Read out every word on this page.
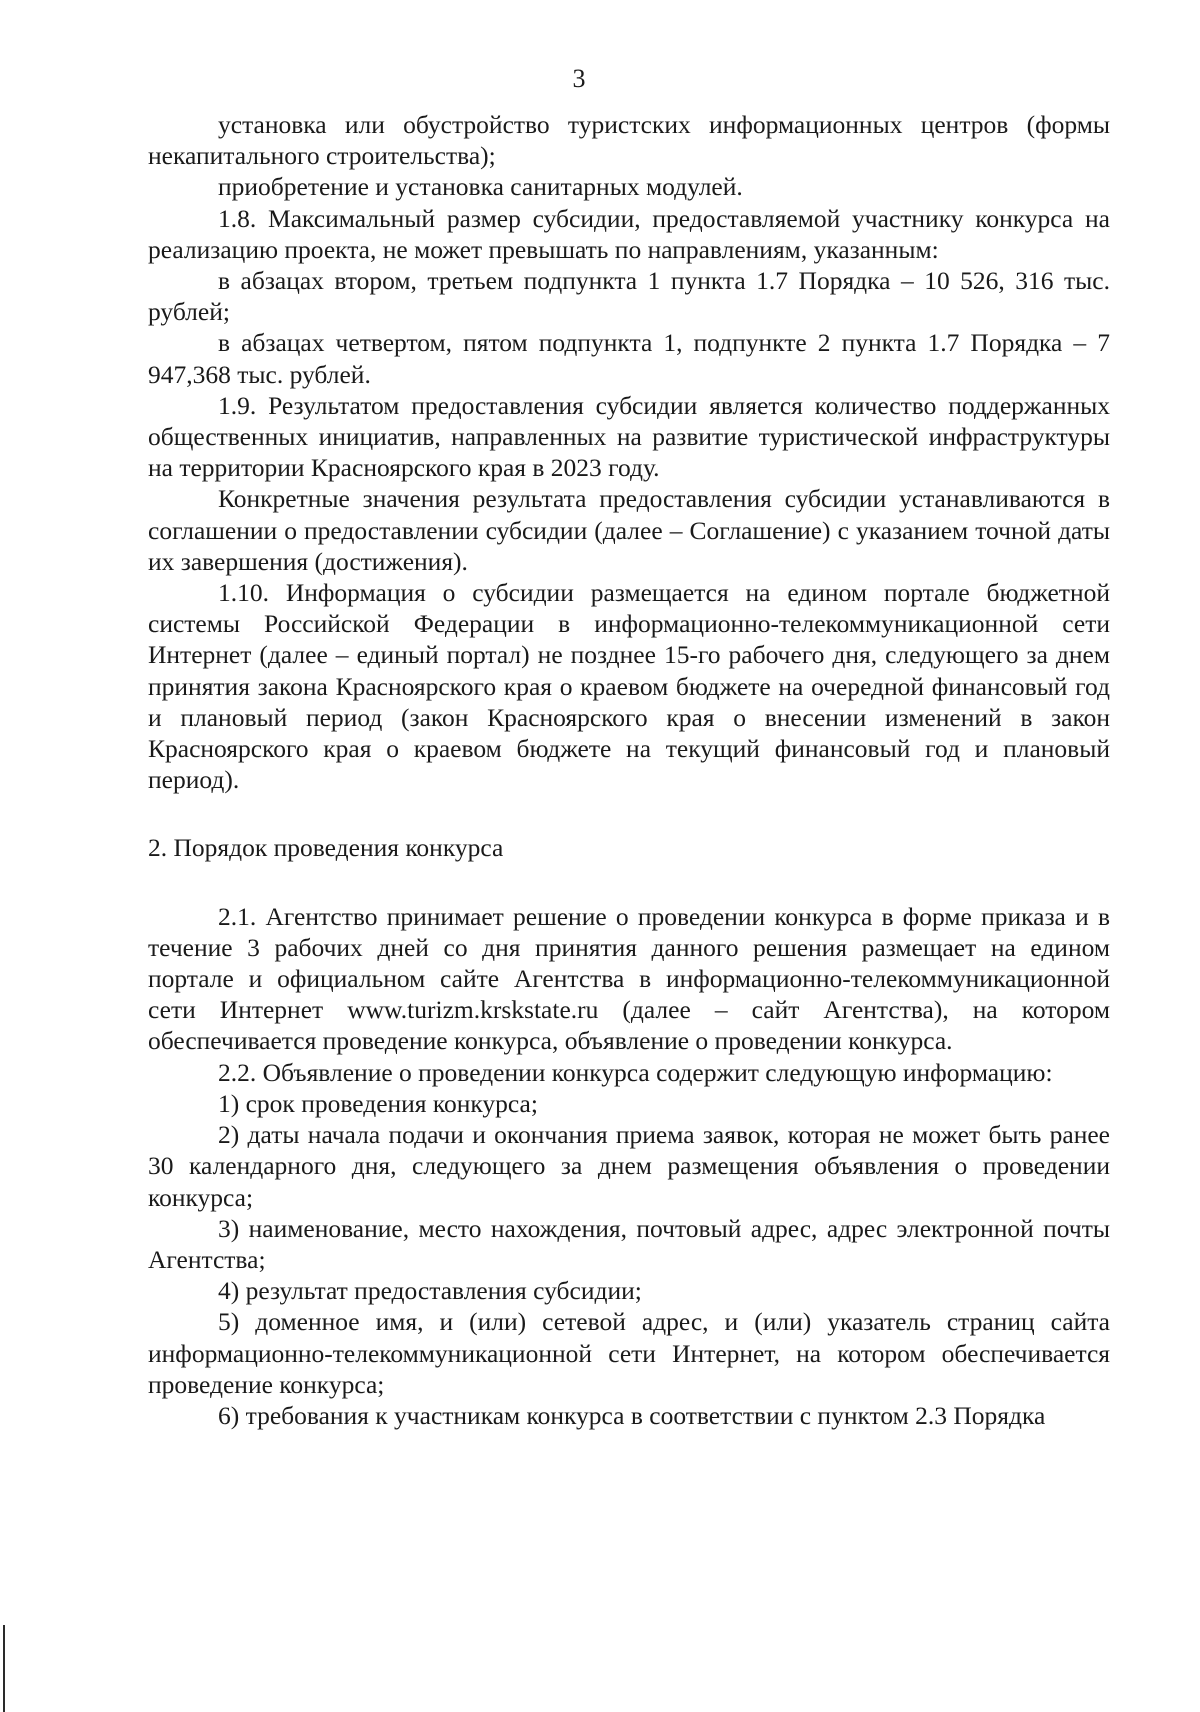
3

установка или обустройство туристских информационных центров (формы некапитального строительства);

приобретение и установка санитарных модулей.

1.8. Максимальный размер субсидии, предоставляемой участнику конкурса на реализацию проекта, не может превышать по направлениям, указанным:

в абзацах втором, третьем подпункта 1 пункта 1.7 Порядка – 10 526, 316 тыс. рублей;

в абзацах четвертом, пятом подпункта 1, подпункте 2 пункта 1.7 Порядка – 7 947,368 тыс. рублей.

1.9. Результатом предоставления субсидии является количество поддержанных общественных инициатив, направленных на развитие туристической инфраструктуры на территории Красноярского края в 2023 году.

Конкретные значения результата предоставления субсидии устанавливаются в соглашении о предоставлении субсидии (далее – Соглашение) с указанием точной даты их завершения (достижения).

1.10. Информация о субсидии размещается на едином портале бюджетной системы Российской Федерации в информационно-телекоммуникационной сети Интернет (далее – единый портал) не позднее 15-го рабочего дня, следующего за днем принятия закона Красноярского края о краевом бюджете на очередной финансовый год и плановый период (закон Красноярского края о внесении изменений в закон Красноярского края о краевом бюджете на текущий финансовый год и плановый период).

2. Порядок проведения конкурса

2.1. Агентство принимает решение о проведении конкурса в форме приказа и в течение 3 рабочих дней со дня принятия данного решения размещает на едином портале и официальном сайте Агентства в информационно-телекоммуникационной сети Интернет www.turizm.krskstate.ru (далее – сайт Агентства), на котором обеспечивается проведение конкурса, объявление о проведении конкурса.

2.2. Объявление о проведении конкурса содержит следующую информацию:

1) срок проведения конкурса;

2) даты начала подачи и окончания приема заявок, которая не может быть ранее 30 календарного дня, следующего за днем размещения объявления о проведении конкурса;

3) наименование, место нахождения, почтовый адрес, адрес электронной почты Агентства;

4) результат предоставления субсидии;

5) доменное имя, и (или) сетевой адрес, и (или) указатель страниц сайта информационно-телекоммуникационной сети Интернет, на котором обеспечивается проведение конкурса;

6) требования к участникам конкурса в соответствии с пунктом 2.3 Порядка
